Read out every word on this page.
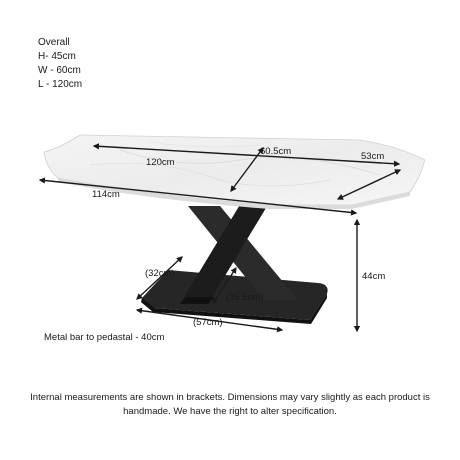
Overall
H- 45cm
W - 60cm
L - 120cm
120cm
60.5cm	53cm
114cm
44cm
(32cm)
(57cm)
(35.5cm)
Metal bar to pedastal - 40cm
Internal measurements are shown in brackets. Dimensions may vary slightly as each product is handmade. We have the right to alter specification.
